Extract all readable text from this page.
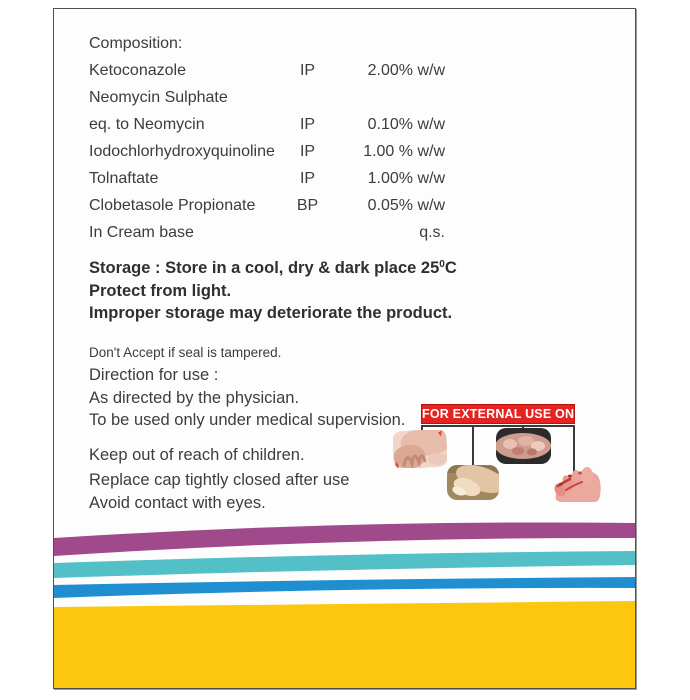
Composition:
Ketoconazole	IP	2.00% w/w
Neomycin Sulphate
eq. to Neomycin	IP	0.10% w/w
Iodochlorhydroxyquinoline	IP	1.00 % w/w
Tolnaftate	IP	1.00% w/w
Clobetasole Propionate	BP	0.05% w/w
In Cream base	q.s.
Storage : Store in a cool, dry & dark place $25^0C$
Protect from light.
Improper storage may deteriorate the product.
Don't Accept if seal is tampered.
Direction for use :
As directed by the physician.
To be used only under medical supervision.
Keep out of reach of children.
Replace cap tightly closed after use
Avoid contact with eyes.
FOR EXTERNAL USE ONLY
